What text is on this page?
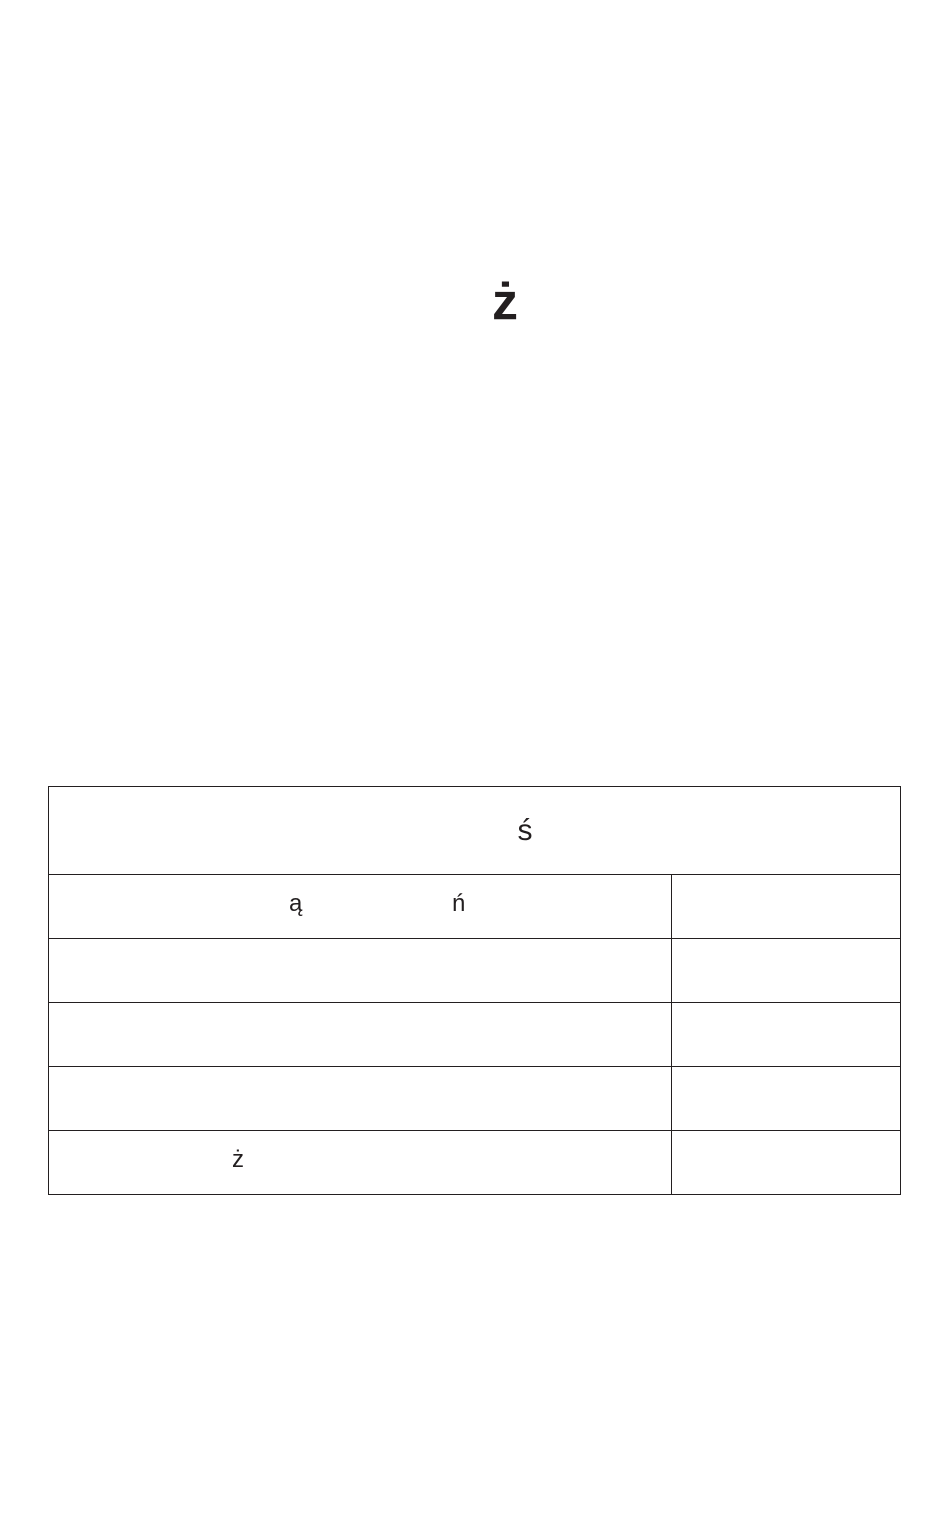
ż
ś	

ą ń	

ż	
